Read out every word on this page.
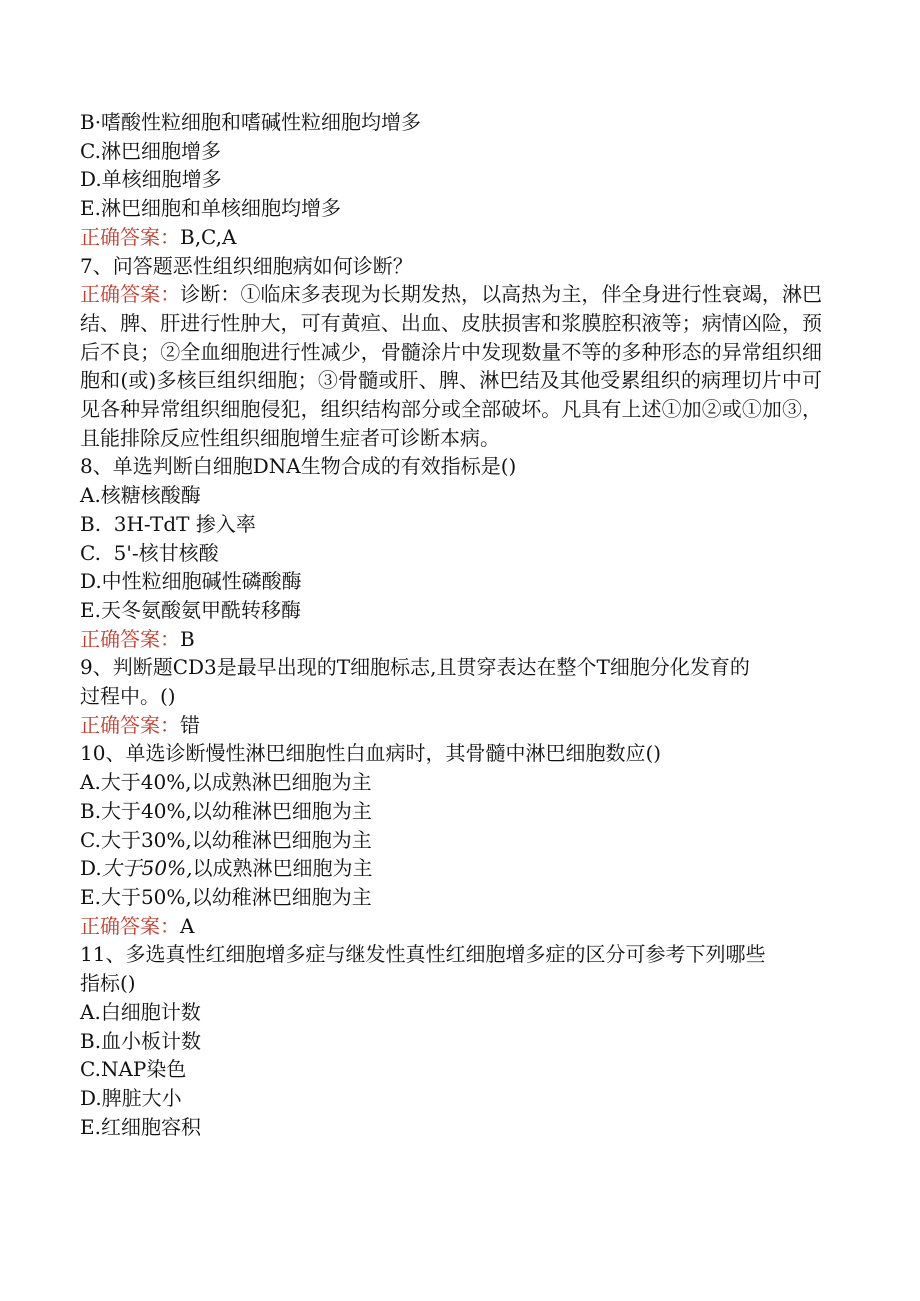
B·嗜酸性粒细胞和嗜碱性粒细胞均增多
C.淋巴细胞增多
D.单核细胞增多
E.淋巴细胞和单核细胞均增多
正确答案：B,C,A
7、问答题恶性组织细胞病如何诊断？
正确答案：诊断：①临床多表现为长期发热，以高热为主，伴全身进行性衰竭，淋巴结、脾、肝进行性肿大，可有黄疸、出血、皮肤损害和浆膜腔积液等；病情凶险，预后不良；②全血细胞进行性减少，骨髓涂片中发现数量不等的多种形态的异常组织细胞和(或)多核巨组织细胞；③骨髓或肝、脾、淋巴结及其他受累组织的病理切片中可见各种异常组织细胞侵犯，组织结构部分或全部破坏。凡具有上述①加②或①加③，且能排除反应性组织细胞增生症者可诊断本病。
8、单选判断白细胞DNA生物合成的有效指标是()
A.核糖核酸酶
B.  3H-TdT 掺入率
C.  5'-核甘核酸
D.中性粒细胞碱性磷酸酶
E.天冬氨酸氨甲酰转移酶
正确答案：B
9、判断题CD3是最早出现的T细胞标志,且贯穿表达在整个T细胞分化发育的
过程中。()
正确答案：错
10、单选诊断慢性淋巴细胞性白血病时，其骨髓中淋巴细胞数应()
A.大于40%,以成熟淋巴细胞为主
B.大于40%,以幼稚淋巴细胞为主
C.大于30%,以幼稚淋巴细胞为主
D.大于50%,以成熟淋巴细胞为主
E.大于50%,以幼稚淋巴细胞为主
正确答案：A
11、多选真性红细胞增多症与继发性真性红细胞增多症的区分可参考下列哪些
指标()
A.白细胞计数
B.血小板计数
C.NAP染色
D.脾脏大小
E.红细胞容积
